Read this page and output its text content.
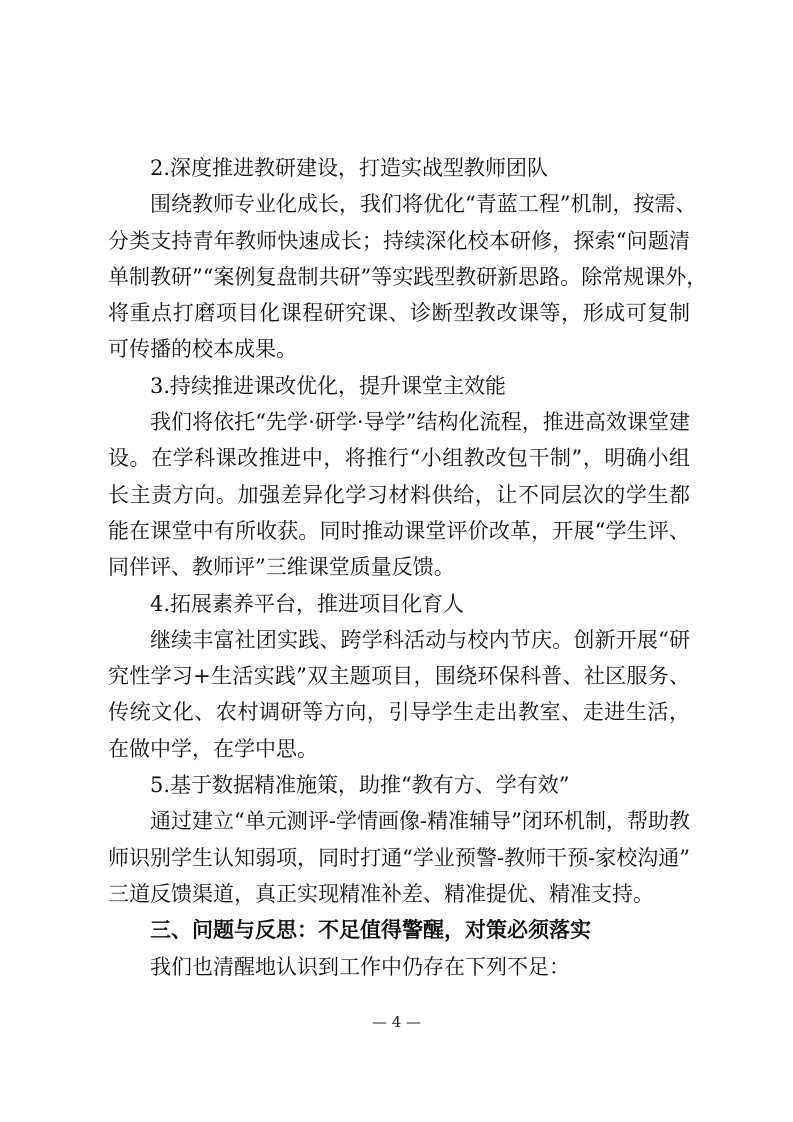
2.深度推进教研建设，打造实战型教师团队
围绕教师专业化成长，我们将优化“青蓝工程”机制，按需、
分类支持青年教师快速成长；持续深化校本研修，探索“问题清
单制教研”“案例复盘制共研”等实践型教研新思路。除常规课外，
将重点打磨项目化课程研究课、诊断型教改课等，形成可复制
可传播的校本成果。
3.持续推进课改优化，提升课堂主效能
我们将依托“先学·研学·导学”结构化流程，推进高效课堂建
设。在学科课改推进中，将推行“小组教改包干制”，明确小组
长主责方向。加强差异化学习材料供给，让不同层次的学生都
能在课堂中有所收获。同时推动课堂评价改革，开展“学生评、
同伴评、教师评”三维课堂质量反馈。
4.拓展素养平台，推进项目化育人
继续丰富社团实践、跨学科活动与校内节庆。创新开展“研
究性学习+生活实践”双主题项目，围绕环保科普、社区服务、
传统文化、农村调研等方向，引导学生走出教室、走进生活，
在做中学，在学中思。
5.基于数据精准施策，助推“教有方、学有效”
通过建立“单元测评-学情画像-精准辅导”闭环机制，帮助教
师识别学生认知弱项，同时打通“学业预警-教师干预-家校沟通”
三道反馈渠道，真正实现精准补差、精准提优、精准支持。
三、问题与反思：不足值得警醒，对策必须落实
我们也清醒地认识到工作中仍存在下列不足：
— 4 —
